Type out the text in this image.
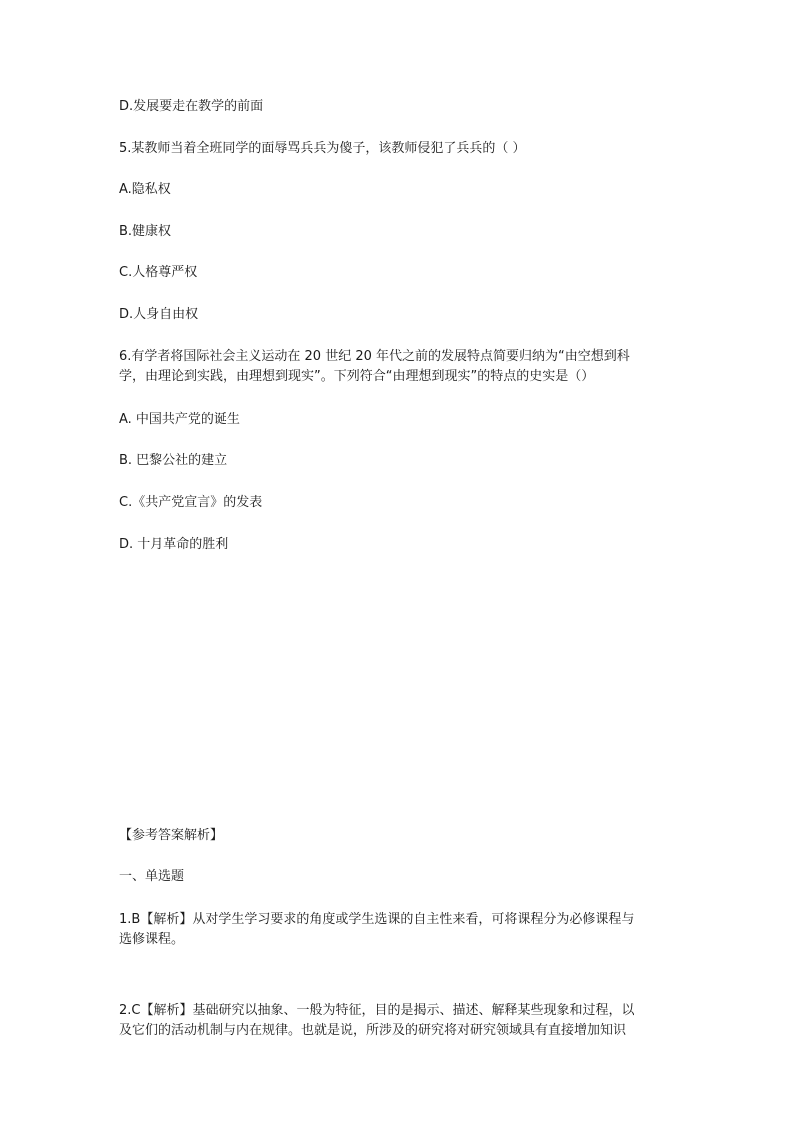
D.发展要走在教学的前面
5.某教师当着全班同学的面辱骂兵兵为傻子，该教师侵犯了兵兵的（ ）
A.隐私权
B.健康权
C.人格尊严权
D.人身自由权
6.有学者将国际社会主义运动在 20 世纪 20 年代之前的发展特点简要归纳为“由空想到科
学，由理论到实践，由理想到现实”。下列符合“由理想到现实”的特点的史实是（）
A. 中国共产党的诞生
B. 巴黎公社的建立
C.《共产党宣言》的发表
D. 十月革命的胜利
【参考答案解析】
一、单选题
1.B【解析】从对学生学习要求的角度或学生选课的自主性来看，可将课程分为必修课程与
选修课程。
2.C【解析】基础研究以抽象、一般为特征，目的是揭示、描述、解释某些现象和过程，以
及它们的活动机制与内在规律。也就是说，所涉及的研究将对研究领域具有直接增加知识
